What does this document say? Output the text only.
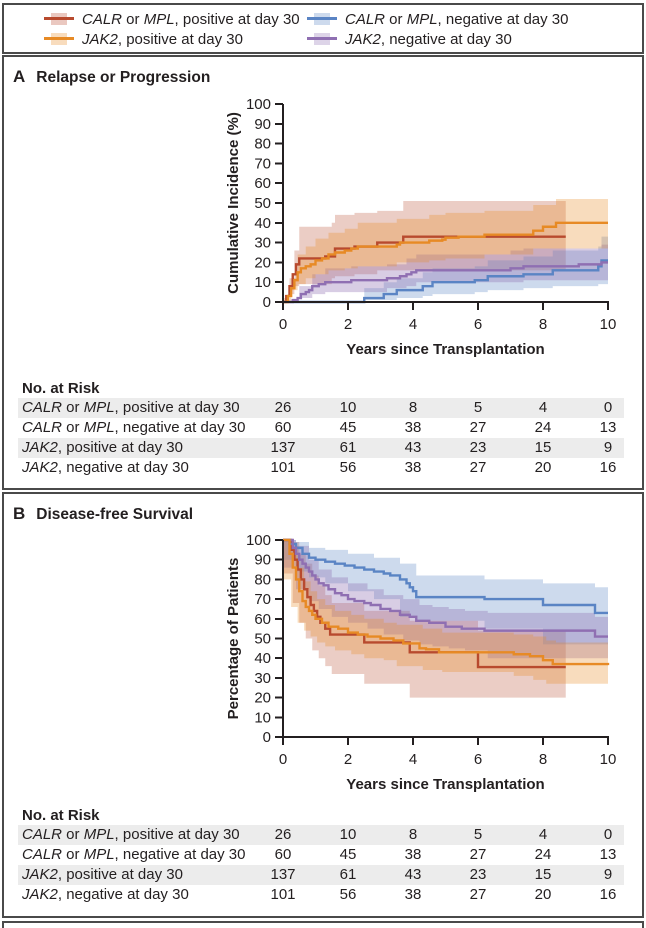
CALR or MPL, positive at day 30
JAK2, positive at day 30
CALR or MPL, negative at day 30
JAK2, negative at day 30
A Relapse or Progression
0
10
20
30
40
50
60
70
80
90
100
0	2	4	6	8	10
Cumulative Incidence (%)
Years since Transplantation
No. at Risk
CALR or MPL, positive at day 30	26	10	8	5	4	0
CALR or MPL, negative at day 30	60	45	38	27	24	13
JAK2, positive at day 30	137	61	43	23	15	9
JAK2, negative at day 30	101	56	38	27	20	16
B Disease-free Survival
0
10
20
30
40
50
60
70
80
90
100
0	2	4	6	8	10
Percentage of Patients
Years since Transplantation
No. at Risk
CALR or MPL, positive at day 30	26	10	8	5	4	0
CALR or MPL, negative at day 30	60	45	38	27	24	13
JAK2, positive at day 30	137	61	43	23	15	9
JAK2, negative at day 30	101	56	38	27	20	16
